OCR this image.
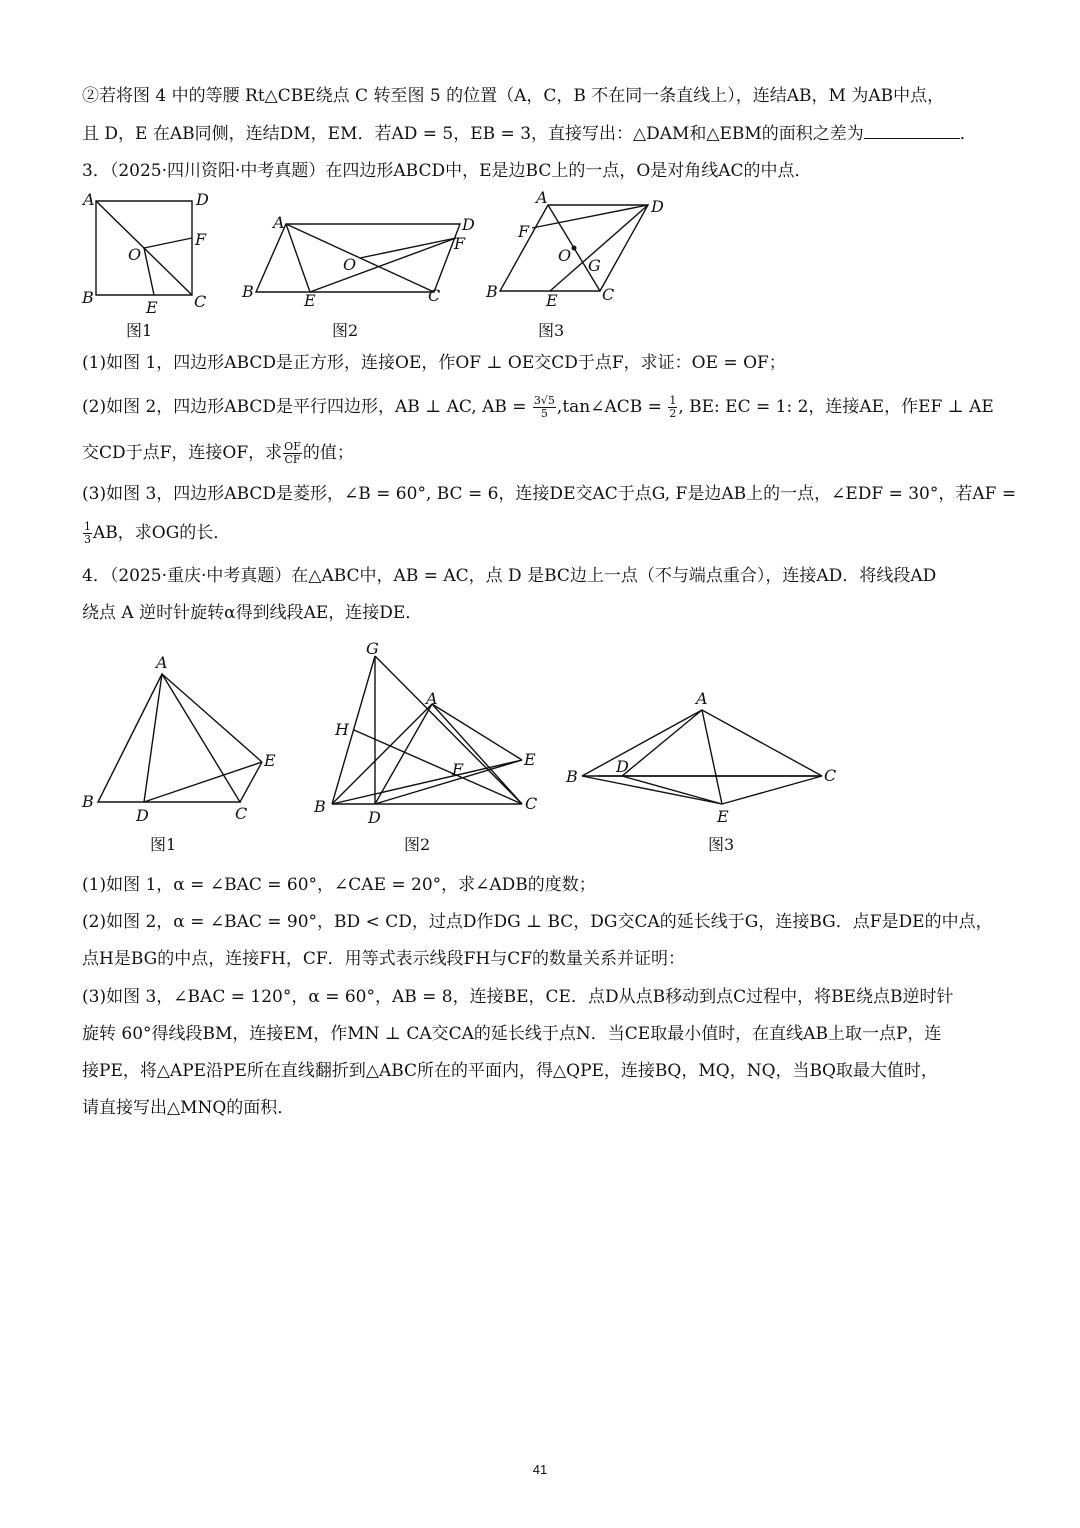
②若将图 4 中的等腰 Rt△CBE绕点 C 转至图 5 的位置（A，C，B 不在同一条直线上），连结AB，M 为AB中点，
且 D，E 在AB同侧，连结DM，EM．若AD = 5，EB = 3，直接写出：△DAM和△EBM的面积之差为	．
3．（2025·四川资阳·中考真题）在四边形ABCD中，E是边BC上的一点，O是对角线AC的中点．
A	D
O
F
B
E C
图1
A	D
F
O
B	E	C
图2
A	D
F
O
G
B	E	C
图3
(1)如图 1，四边形ABCD是正方形，连接OE，作OF ⊥ OE交CD于点F，求证：OE = OF；
(2)如图 2，四边形ABCD是平行四边形，AB ⊥ AC, AB = $\frac{3√5}{5}$ ,tan∠ACB = $\frac{1}{2}$ , BE: EC = 1: 2，连接AE，作EF ⊥ AE
交CD于点F，连接OF，求 $\frac{OF}{CF}$ 的值；
(3)如图 3，四边形ABCD是菱形，∠B = 60°, BC = 6，连接DE交AC于点G, F是边AB上的一点，∠EDF = 30°，若AF =
$\frac{1}{3}$ AB，求OG的长．
4．（2025·重庆·中考真题）在△ABC中，AB = AC，点 D 是BC边上一点（不与端点重合），连接AD．将线段AD
绕点 A 逆时针旋转α得到线段AE，连接DE．
A
E
B
D	C
图1
G
H
A
E
F
B
D
C
图2
A
D
B	C
E
图3
(1)如图 1，α = ∠BAC = 60°，∠CAE = 20°，求∠ADB的度数；
(2)如图 2，α = ∠BAC = 90°，BD < CD，过点D作DG ⊥ BC，DG交CA的延长线于G，连接BG．点F是DE的中点，
点H是BG的中点，连接FH，CF．用等式表示线段FH与CF的数量关系并证明：
(3)如图 3，∠BAC = 120°，α = 60°，AB = 8，连接BE，CE．点D从点B移动到点C过程中，将BE绕点B逆时针
旋转 60°得线段BM，连接EM，作MN ⊥ CA交CA的延长线于点N．当CE取最小值时，在直线AB上取一点P，连
接PE，将△APE沿PE所在直线翻折到△ABC所在的平面内，得△QPE，连接BQ，MQ，NQ，当BQ取最大值时，
请直接写出△MNQ的面积．
41
